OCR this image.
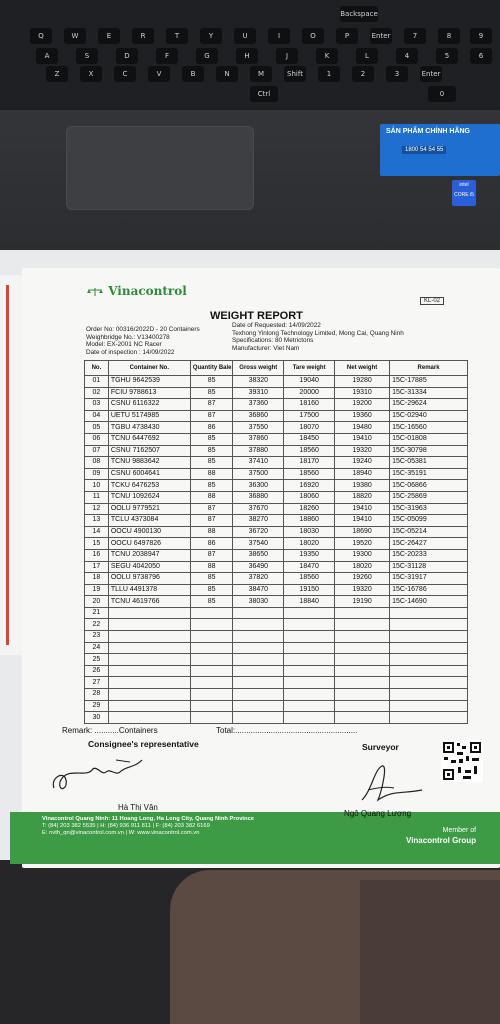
Backspace
Q	W	E	R	T	Y	U	I	O	P	Enter	7	8	9
A	S	D	F	G	H	J	K	L	4	5	6
Z	X	C	V	B	N	M	Shift	1	2	3	Enter
Ctrl	0
SẢN PHẨM CHÍNH HÃNG
1800 54 54 55
intel
CORE i5
Vinacontrol
KL-02
WEIGHT REPORT
Order No: 00316/2022D - 20 Containers
Weighbridge No.: V13400278
Model: EX-2001 NC Racer
Date of inspection : 14/09/2022
Date of Requested: 14/09/2022
Texhong Yinlong Technology Limited, Mong Cai, Quang Ninh
Specifications: 80 Metrictons
Manufacturer: Viet Nam
No.	Container No.	Quantity Bale	Gross weight	Tare weight	Net weight	Remark
01	TGHU 9642539	85	38320	19040	19280	15C-17885
02	FCIU 9788613	85	39310	20000	19310	15C-31334
03	CSNU 6116322	87	37360	18160	19200	15C-29624
04	UETU 5174985	87	36860	17500	19360	15C-02940
05	TGBU 4738430	86	37550	18070	19480	15C-16560
06	TCNU 6447692	85	37860	18450	19410	15C-01808
07	CSNU 7162507	85	37880	18560	19320	15C-30798
08	TCNU 9883642	85	37410	18170	19240	15C-05381
09	CSNU 6004641	88	37500	18560	18940	15C-35191
10	TCKU 6476253	85	36300	16920	19380	15C-06866
11	TCNU 1092624	88	36880	18060	18820	15C-25869
12	OOLU 9779521	87	37670	18260	19410	15C-31963
13	TCLU 4373084	87	38270	18860	19410	15C-05099
14	OOCU 4900130	88	36720	18030	18690	15C-05214
15	OOCU 6497826	86	37540	18020	19520	15C-26427
16	TCNU 2038947	87	38650	19350	19300	15C-20233
17	SEGU 4042050	88	36490	18470	18020	15C-31128
18	OOLU 9738796	85	37820	18560	19260	15C-31917
19	TLLU 4491378	85	38470	19150	19320	15C-16786
20	TCNU 4619766	85	38030	18840	19190	15C-14690
21						
22						
23						
24						
25						
26						
27						
28						
29						
30						
Remark: ...........Containers	Total:.......................................................
Consignee's representative	Surveyor
Hà Thị Vân
Ngô Quang Lượng
Vinacontrol Quang Ninh: 11 Hoang Long, Ha Long City, Quang Ninh Province
T: (84) 203 382 5535 | H: (84) 936 911 811 | F: (84) 203 382 6169
E: nvth_qn@vinacontrol.com.vn | W: www.vinacontrol.com.vn	Member of
Vinacontrol Group
